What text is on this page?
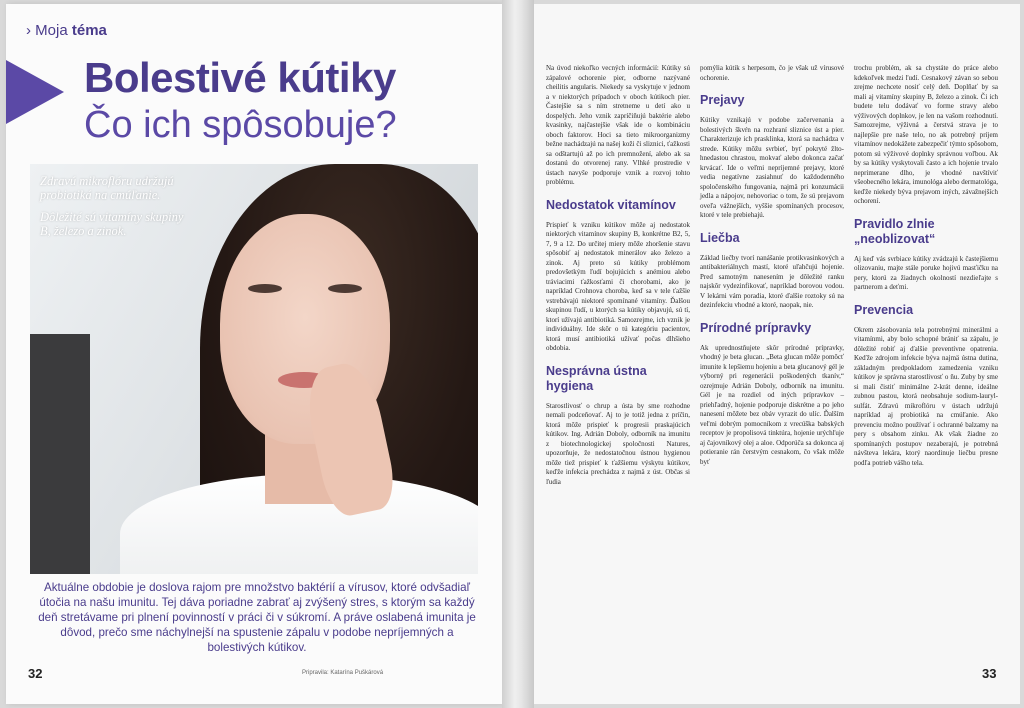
› Moja téma
Bolestivé kútiky
Čo ich spôsobuje?

Zdravú mikroflóru udržujú probiotiká na cmúľanie.

Dôležité sú vitamíny skupiny B, železo a zinok.

Aktuálne obdobie je doslova rajom pre množstvo baktérií a vírusov, ktoré odvšadiaľ útočia na našu imunitu. Tej dáva poriadne zabrať aj zvýšený stres, s ktorým sa každý deň stretávame pri plnení povinností v práci či v súkromí. A práve oslabená imunita je dôvod, prečo sme náchylnejší na spustenie zápalu v podobe nepríjemných a bolestivých kútikov.
32	Pripravila: Katarína Puškárová

Na úvod niekoľko vecných informácií: Kútiky sú zápalové ochorenie pier, odborne nazývané cheilitis angularis. Niekedy sa vyskytuje v jednom a v niektorých prípadoch v oboch kútikoch pier. Častejšie sa s ním stretneme u detí ako u dospelých. Jeho vznik zapríčiňujú baktérie alebo kvasinky, najčastejšie však ide o kombináciu oboch faktorov. Hoci sa tieto mikroorganizmy bežne nachádzajú na našej koži či sliznici, ťažkosti sa odštartujú až po ich premnožení, alebo ak sa dostanú do otvorenej rany. Vlhké prostredie v ústach navyše podporuje vznik a rozvoj tohto problému.

Nedostatok vitamínov

Prispieť k vzniku kútikov môže aj nedostatok niektorých vitamínov skupiny B, konkrétne B2, 5, 7, 9 a 12. Do určitej miery môže zhoršenie stavu spôsobiť aj nedostatok minerálov ako železo a zinok. Aj preto sú kútiky problémom predovšetkým ľudí bojujúcich s anémiou alebo tráviacimi ťažkosťami či chorobami, ako je napríklad Crohnova choroba, keď sa v tele ťažšie vstrebávajú niektoré spomínané vitamíny. Ďalšou skupinou ľudí, u ktorých sa kútiky objavujú, sú tí, ktorí užívajú antibiotiká. Samozrejme, ich vznik je individuálny. Ide skôr o tú kategóriu pacientov, ktorá musí antibiotiká užívať počas dlhšieho obdobia.

Nesprávna ústna hygiena

Starostlivosť o chrup a ústa by sme rozhodne nemali podceňovať. Aj to je totiž jedna z príčin, ktorá môže prispieť k progresii praskajúcich kútikov. Ing. Adrián Doboly, odborník na imunitu z biotechnologickej spoločnosti Natures, upozorňuje, že nedostatočnou ústnou hygienou môže tiež prispieť k ťažšiemu výskytu kútikov, keďže infekcia prechádza z najmä z úst. Občas si ľudia

pomýlia kútik s herpesom, čo je však už vírusové ochorenie.

Prejavy

Kútiky vznikajú v podobe začervenania a bolestivých škvŕn na rozhraní sliznice úst a pier. Charakterizuje ich prasklinka, ktorá sa nachádza v strede. Kútiky môžu svrbieť, byť pokryté žlto-hnedastou chrastou, mokvať alebo dokonca začať krvácať. Ide o veľmi nepríjemné prejavy, ktoré vedia negatívne zasiahnuť do každodenného spoločenského fungovania, najmä pri konzumácii jedla a nápojov, nehovoriac o tom, že sú prejavom oveľa vážnejších, vyššie spomínaných procesov, ktoré v tele prebiehajú.

Liečba

Základ liečby tvorí nanášanie protikvasinkových a antibakteriálnych mastí, ktoré uľahčujú hojenie. Pred samotným nanesením je dôležité ranku najskôr vydezinfikovať, napríklad borovou vodou. V lekárni vám poradia, ktoré ďalšie roztoky sú na dezinfekciu vhodné a ktoré, naopak, nie.

Prírodné prípravky

Ak uprednostňujete skôr prírodné prípravky, vhodný je beta glucan. „Beta glucan môže pomôcť imunite k lepšiemu hojeniu a beta glucanový gél je výborný pri regenerácii poškodených tkanív,“ ozrejmuje Adrián Doboly, odborník na imunitu. Gél je na rozdiel od iných prípravkov – priehľadný, hojenie podporuje diskrétne a po jeho nanesení môžete bez obáv vyrazit do ulíc. Ďalším veľmi dobrým pomocníkom z vrecúška babských receptov je propolisová tinktúra, hojenie urýchľuje aj čajovníkový olej a aloe. Odporúča sa dokonca aj potieranie rán čerstvým cesnakom, čo však môže byť

trochu problém, ak sa chystáte do práce alebo kdekoľvek medzi ľudí. Cesnakový závan so sebou zrejme nechcete nosiť celý deň. Doplňať by sa mali aj vitamíny skupiny B, železo a zinok. Či ich budete telu dodávať vo forme stravy alebo výživových doplnkov, je len na vašom rozhodnutí. Samozrejme, výživná a čerstvá strava je to najlepšie pre naše telo, no ak potrebný príjem vitamínov nedokážete zabezpečiť týmto spôsobom, potom sú výživové doplnky správnou voľbou. Ak by sa kútiky vyskytovali často a ich hojenie trvalo neprimerane dlho, je vhodné navštíviť všeobecného lekára, imunológa alebo dermatológa, keďže niekedy býva prejavom iných, závažnejších ochorení.

Pravidlo zlnie „neoblizovat“

Aj keď vás svrbiace kútiky zvádzajú k častejšiemu olizovaniu, majte stále poruke hojivú masťičku na pery, ktorú za žiadnych okolností nezdieľajte s partnerom a deťmi.

Prevencia

Okrem zásobovania tela potrebnými minerálmi a vitamínmi, aby bolo schopné brániť sa zápalu, je dôležité robiť aj ďalšie preventívne opatrenia. Keďže zdrojom infekcie býva najmä ústna dutina, základným predpokladom zamedzenia vzniku kútikov je správna starostlivosť o ňu. Zuby by sme si mali čistiť minimálne 2-krát denne, ideálne zubnou pastou, ktorá neobsahuje sodium-lauryl-sulfát. Zdravú mikroflóru v ústach udržujú napríklad aj probiotiká na cmúľanie. Ako prevenciu možno používať i ochranné balzamy na pery s obsahom zinku. Ak však žiadne zo spomínaných postupov nezaberajú, je potrebná návšteva lekára, ktorý naordinuje liečbu presne podľa potrieb vášho tela.

33
